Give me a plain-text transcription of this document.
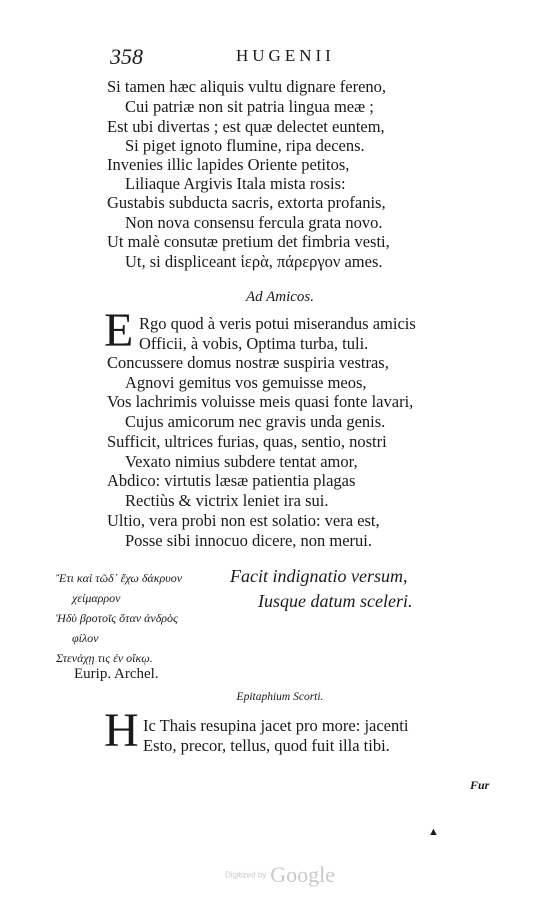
358	HUGENII
Si tamen hæc aliquis vultu dignare fereno,
Cui patriæ non sit patria lingua meæ ;
Est ubi divertas ; est quæ delectet euntem,
Si piget ignoto flumine, ripa decens.
Invenies illic lapides Oriente petitos,
Liliaque Argivis Itala mista rosis:
Gustabis subducta sacris, extorta profanis,
Non nova consensu fercula grata novo.
Ut malè consutæ pretium det fimbria vesti,
Ut, si displiceant ἱερὰ, πάρεργον ames.
Ad Amicos.
E Rgo quod à veris potui miserandus amicis
Officii, à vobis, Optima turba, tuli.
Concussere domus nostræ suspiria vestras,
Agnovi gemitus vos gemuisse meos,
Vos lachrimis voluisse meis quasi fonte lavari,
Cujus amicorum nec gravis unda genis.
Sufficit, ultrices furias, quas, sentio, nostri
Vexato nimius subdere tentat amor,
Abdico: virtutis læsæ patientia plagas
Rectiùs & victrix leniet ira sui.
Ultio, vera probi non est solatio: vera est,
Posse sibi innocuo dicere, non merui.
Ἔτι καὶ τῶδ᾽ ἔχω δάκρυον
χείμαρρον
Ἡδὺ βροτοῖς ὅταν ἀνδρὸς
φίλον
Στενάχῃ τις ἐν οἴκῳ.
Eurip. Archel.
Facit indignatio versum,
Iusque datum sceleri.
Epitaphium Scorti.
H Ic Thais resupina jacet pro more: jacenti
Esto, precor, tellus, quod fuit illa tibi.
Fur
▲
Digitized by Google
